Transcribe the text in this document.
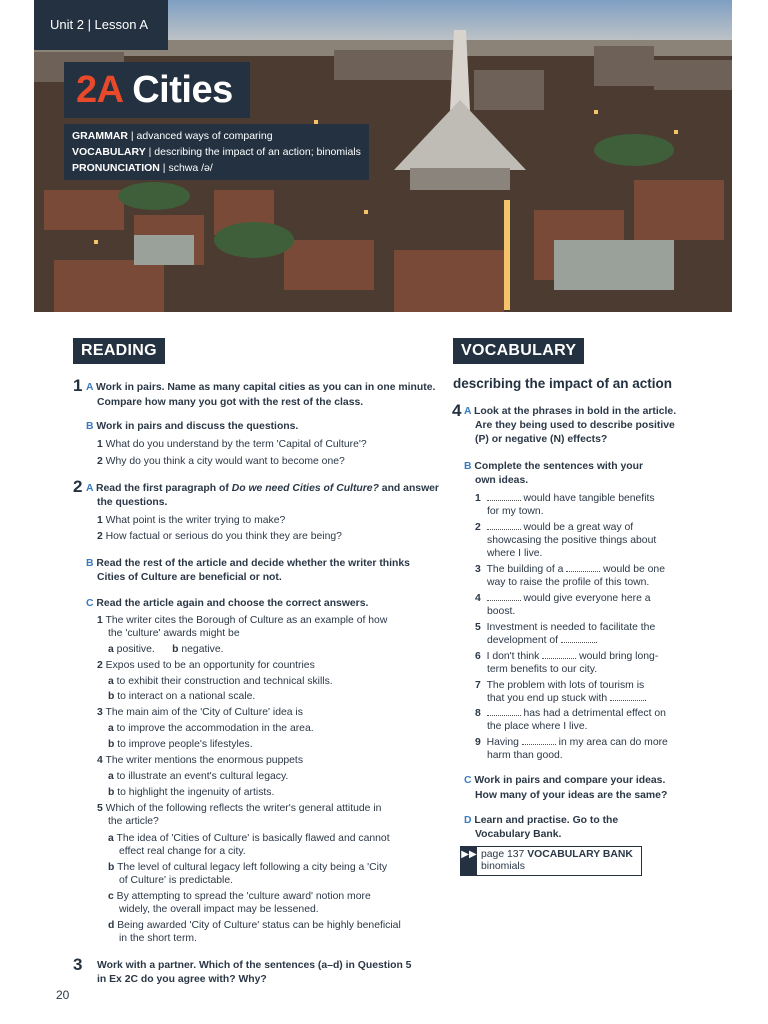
Unit 2 | Lesson A
2A Cities
GRAMMAR | advanced ways of comparing
VOCABULARY | describing the impact of an action; binomials
PRONUNCIATION | schwa /ə/
READING
1 A Work in pairs. Name as many capital cities as you can in one minute.
Compare how many you got with the rest of the class.
B Work in pairs and discuss the questions.
1 What do you understand by the term 'Capital of Culture'?
2 Why do you think a city would want to become one?
2 A Read the first paragraph of Do we need Cities of Culture? and answer
the questions.
1 What point is the writer trying to make?
2 How factual or serious do you think they are being?
B Read the rest of the article and decide whether the writer thinks
Cities of Culture are beneficial or not.
C Read the article again and choose the correct answers.
1 The writer cites the Borough of Culture as an example of how
the 'culture' awards might be
a positive. b negative.
2 Expos used to be an opportunity for countries
a to exhibit their construction and technical skills.
b to interact on a national scale.
3 The main aim of the 'City of Culture' idea is
a to improve the accommodation in the area.
b to improve people's lifestyles.
4 The writer mentions the enormous puppets
a to illustrate an event's cultural legacy.
b to highlight the ingenuity of artists.
5 Which of the following reflects the writer's general attitude in
the article?
a The idea of 'Cities of Culture' is basically flawed and cannot
effect real change for a city.
b The level of cultural legacy left following a city being a 'City
of Culture' is predictable.
c By attempting to spread the 'culture award' notion more
widely, the overall impact may be lessened.
d Being awarded 'City of Culture' status can be highly beneficial
in the short term.
3 Work with a partner. Which of the sentences (a–d) in Question 5
in Ex 2C do you agree with? Why?
20
VOCABULARY
describing the impact of an action
4 A Look at the phrases in bold in the article.
Are they being used to describe positive
(P) or negative (N) effects?
B Complete the sentences with your
own ideas.
1	would have tangible benefits
for my town.
2	would be a great way of
showcasing the positive things about
where I live.
3 The building of a	would be one
way to raise the profile of this town.
4	would give everyone here a
boost.
5 Investment is needed to facilitate the
development of	.
6 I don't think	would bring long-
term benefits to our city.
7 The problem with lots of tourism is
that you end up stuck with	.
8	has had a detrimental effect on
the place where I live.
9 Having	in my area can do more
harm than good.
C Work in pairs and compare your ideas.
How many of your ideas are the same?
D Learn and practise. Go to the
Vocabulary Bank.
▶▶ page 137 VOCABULARY BANK
binomials
